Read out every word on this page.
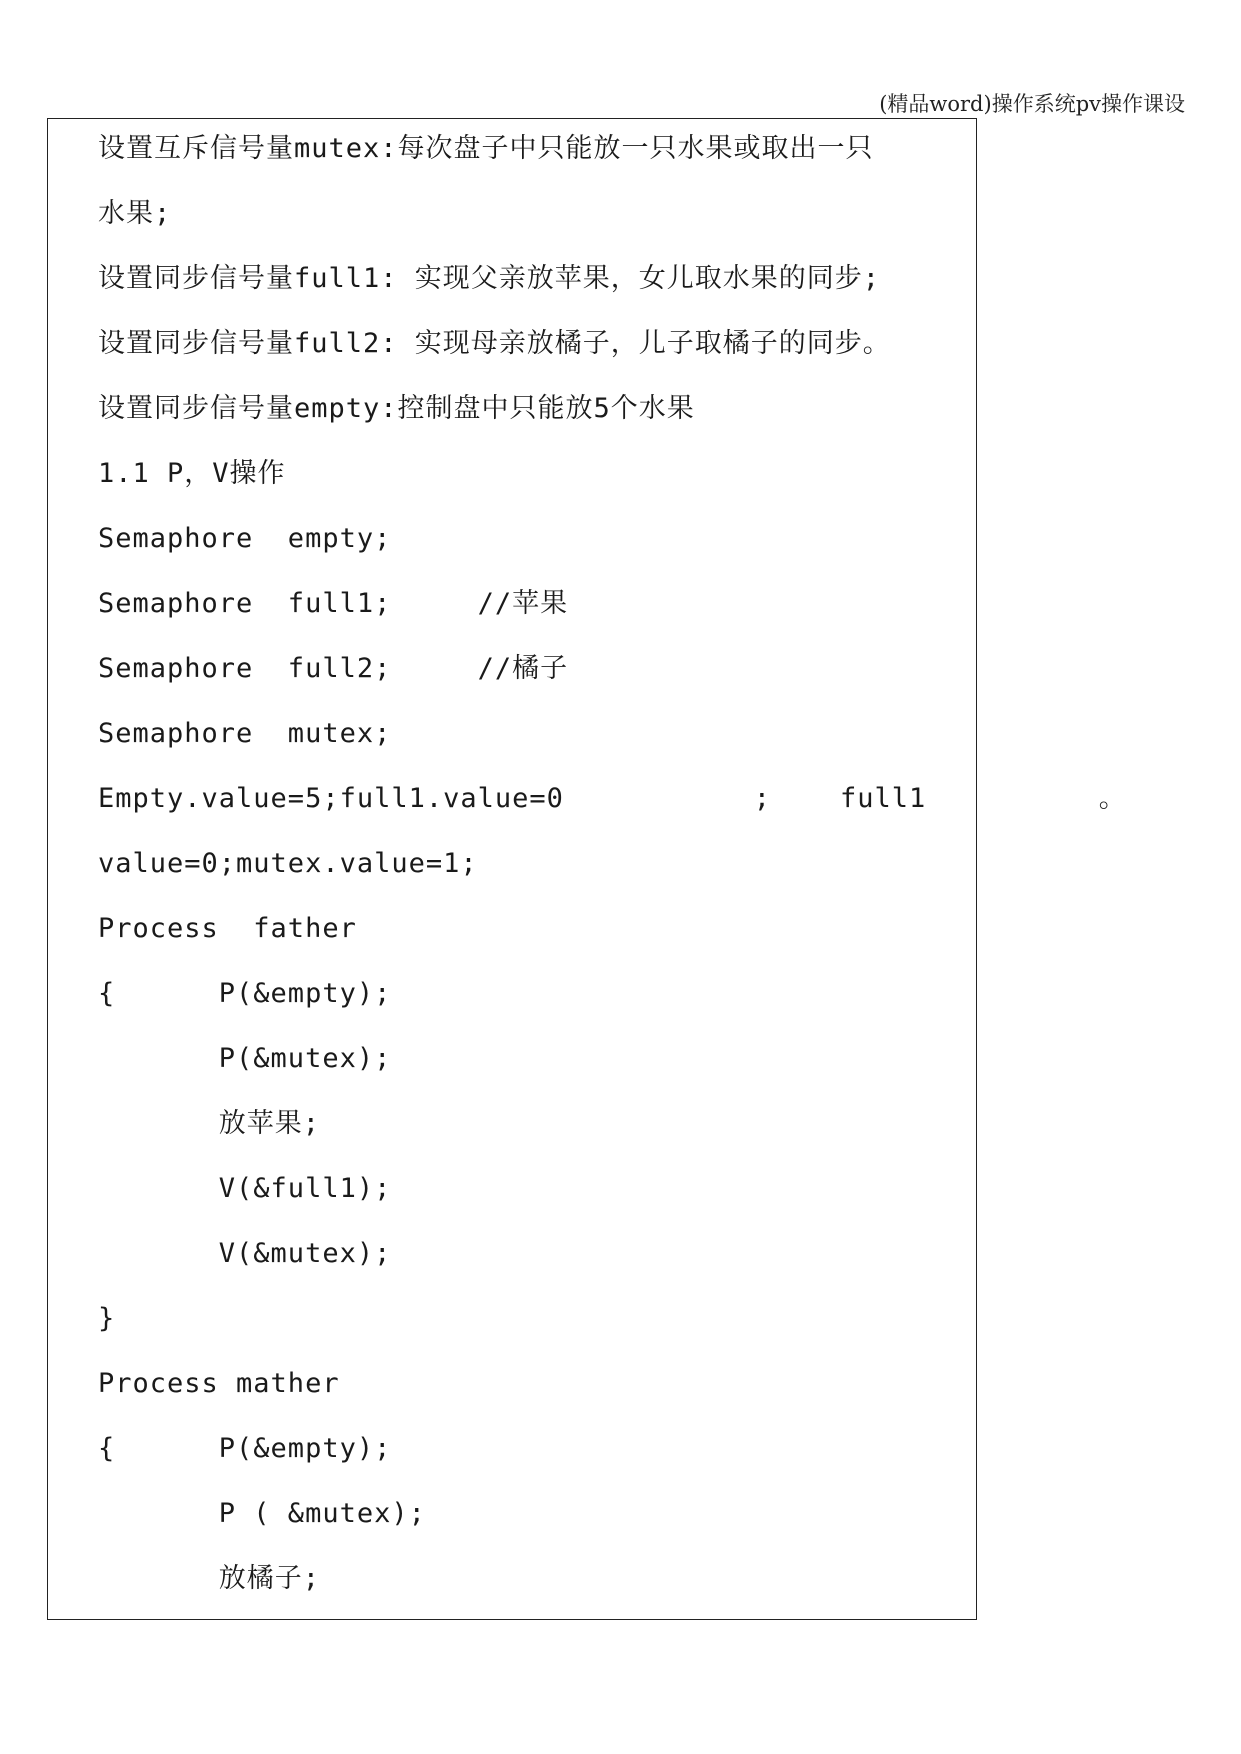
(精品word)操作系统pv操作课设
设置互斥信号量mutex:每次盘子中只能放一只水果或取出一只
水果;
设置同步信号量full1: 实现父亲放苹果，女儿取水果的同步;
设置同步信号量full2: 实现母亲放橘子，儿子取橘子的同步。
设置同步信号量empty:控制盘中只能放5个水果
1.1 P，V操作
Semaphore  empty;
Semaphore  full1;     //苹果
Semaphore  full2;     //橘子
Semaphore  mutex;
Empty.value=5;full1.value=0           ;    full1          。
value=0;mutex.value=1;
Process  father
{      P(&empty);
P(&mutex);
放苹果;
V(&full1);
V(&mutex);
}
Process mather
{      P(&empty);
P ( &mutex);
放橘子;
